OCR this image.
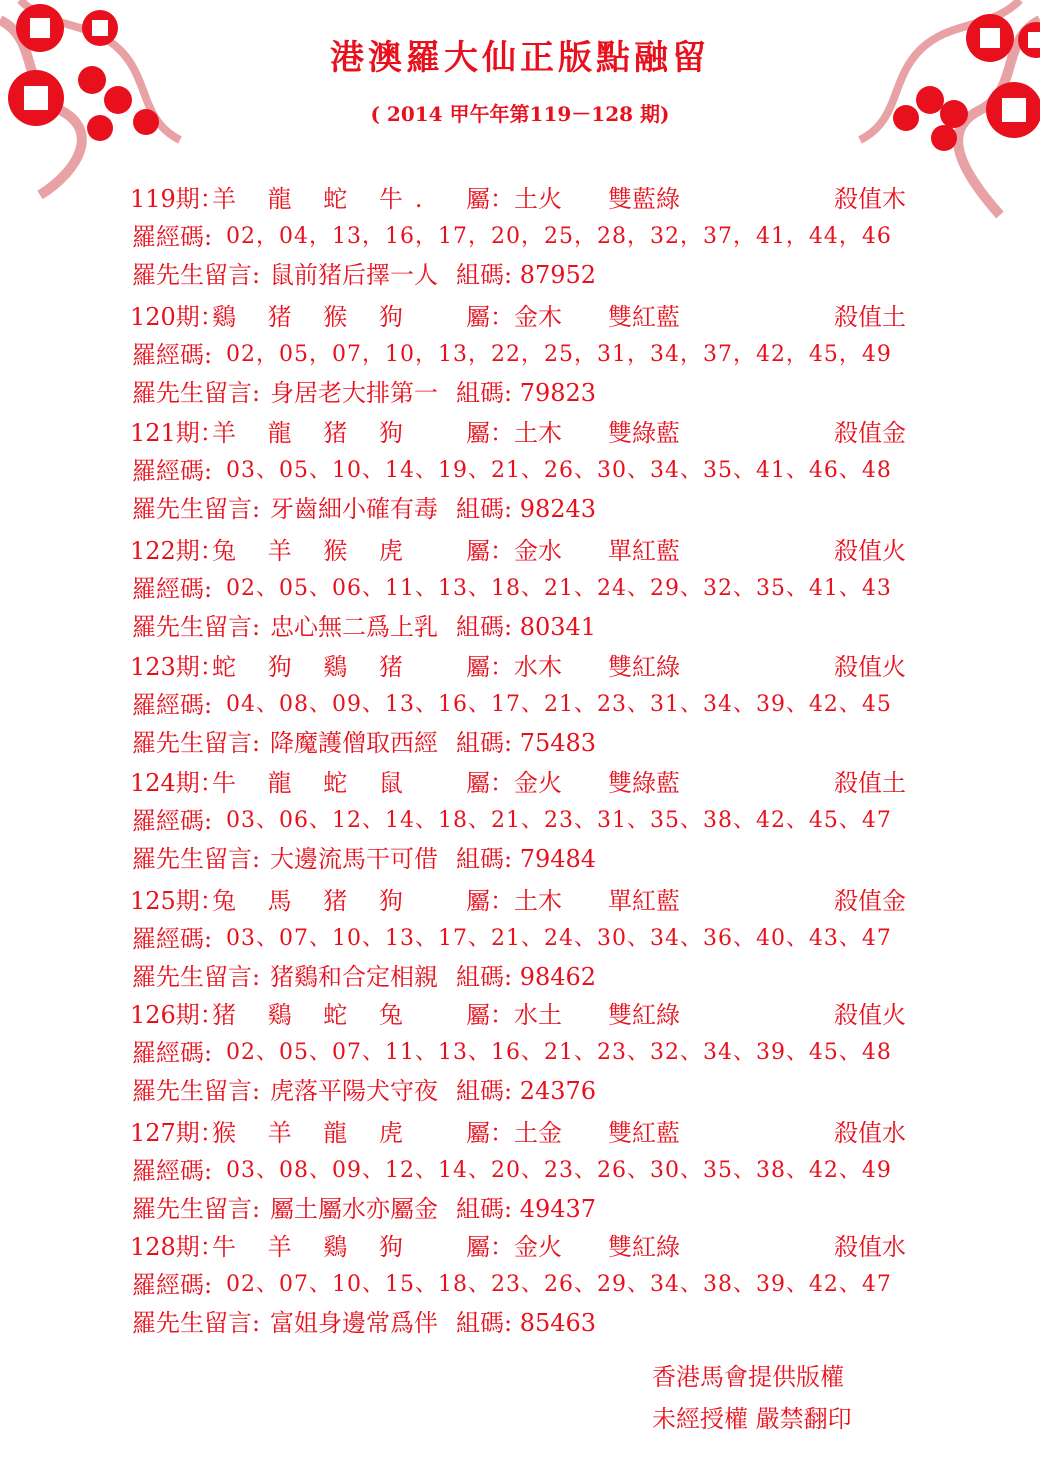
港澳羅大仙正版點融留
( 2014 甲午年第119－128 期)
119期：
羊 龍 蛇 牛. 屬：土火 雙藍綠	殺值木
羅經碼: 02，04，13，16，17，20，25，28，32，37，41，44，46
羅先生留言: 鼠前猪后擇一人 組碼: 87952
120期：
鷄 猪 猴 狗 屬：金木 雙紅藍	殺值土
羅經碼: 02，05，07，10，13，22，25，31，34，37，42，45，49
羅先生留言: 身居老大排第一 組碼: 79823
121期：
羊 龍 猪 狗 屬：土木 雙綠藍	殺值金
羅經碼: 03、05、10、14、19、21、26、30、34、35、41、46、48
羅先生留言: 牙齒細小確有毒 組碼: 98243
122期：
兔 羊 猴 虎 屬：金水 單紅藍	殺值火
羅經碼: 02、05、06、11、13、18、21、24、29、32、35、41、43
羅先生留言: 忠心無二爲上乳 組碼: 80341
123期：
蛇 狗 鷄 猪 屬：水木 雙紅綠	殺值火
羅經碼: 04、08、09、13、16、17、21、23、31、34、39、42、45
羅先生留言: 降魔護僧取西經 組碼: 75483
124期：
牛 龍 蛇 鼠 屬：金火 雙綠藍	殺值土
羅經碼: 03、06、12、14、18、21、23、31、35、38、42、45、47
羅先生留言: 大邊流馬干可借 組碼: 79484
125期：
兔 馬 猪 狗 屬：土木 單紅藍	殺值金
羅經碼: 03、07、10、13、17、21、24、30、34、36、40、43、47
羅先生留言: 猪鷄和合定相親 組碼: 98462
126期：
猪 鷄 蛇 兔 屬：水土 雙紅綠	殺值火
羅經碼: 02、05、07、11、13、16、21、23、32、34、39、45、48
羅先生留言: 虎落平陽犬守夜 組碼: 24376
127期：
猴 羊 龍 虎 屬：土金 雙紅藍	殺值水
羅經碼: 03、08、09、12、14、20、23、26、30、35、38、42、49
羅先生留言: 屬土屬水亦屬金 組碼: 49437
128期：
牛 羊 鷄 狗 屬：金火 雙紅綠	殺值水
羅經碼: 02、07、10、15、18、23、26、29、34、38、39、42、47
羅先生留言: 富姐身邊常爲伴 組碼: 85463
香港馬會提供版權
未經授權 嚴禁翻印
